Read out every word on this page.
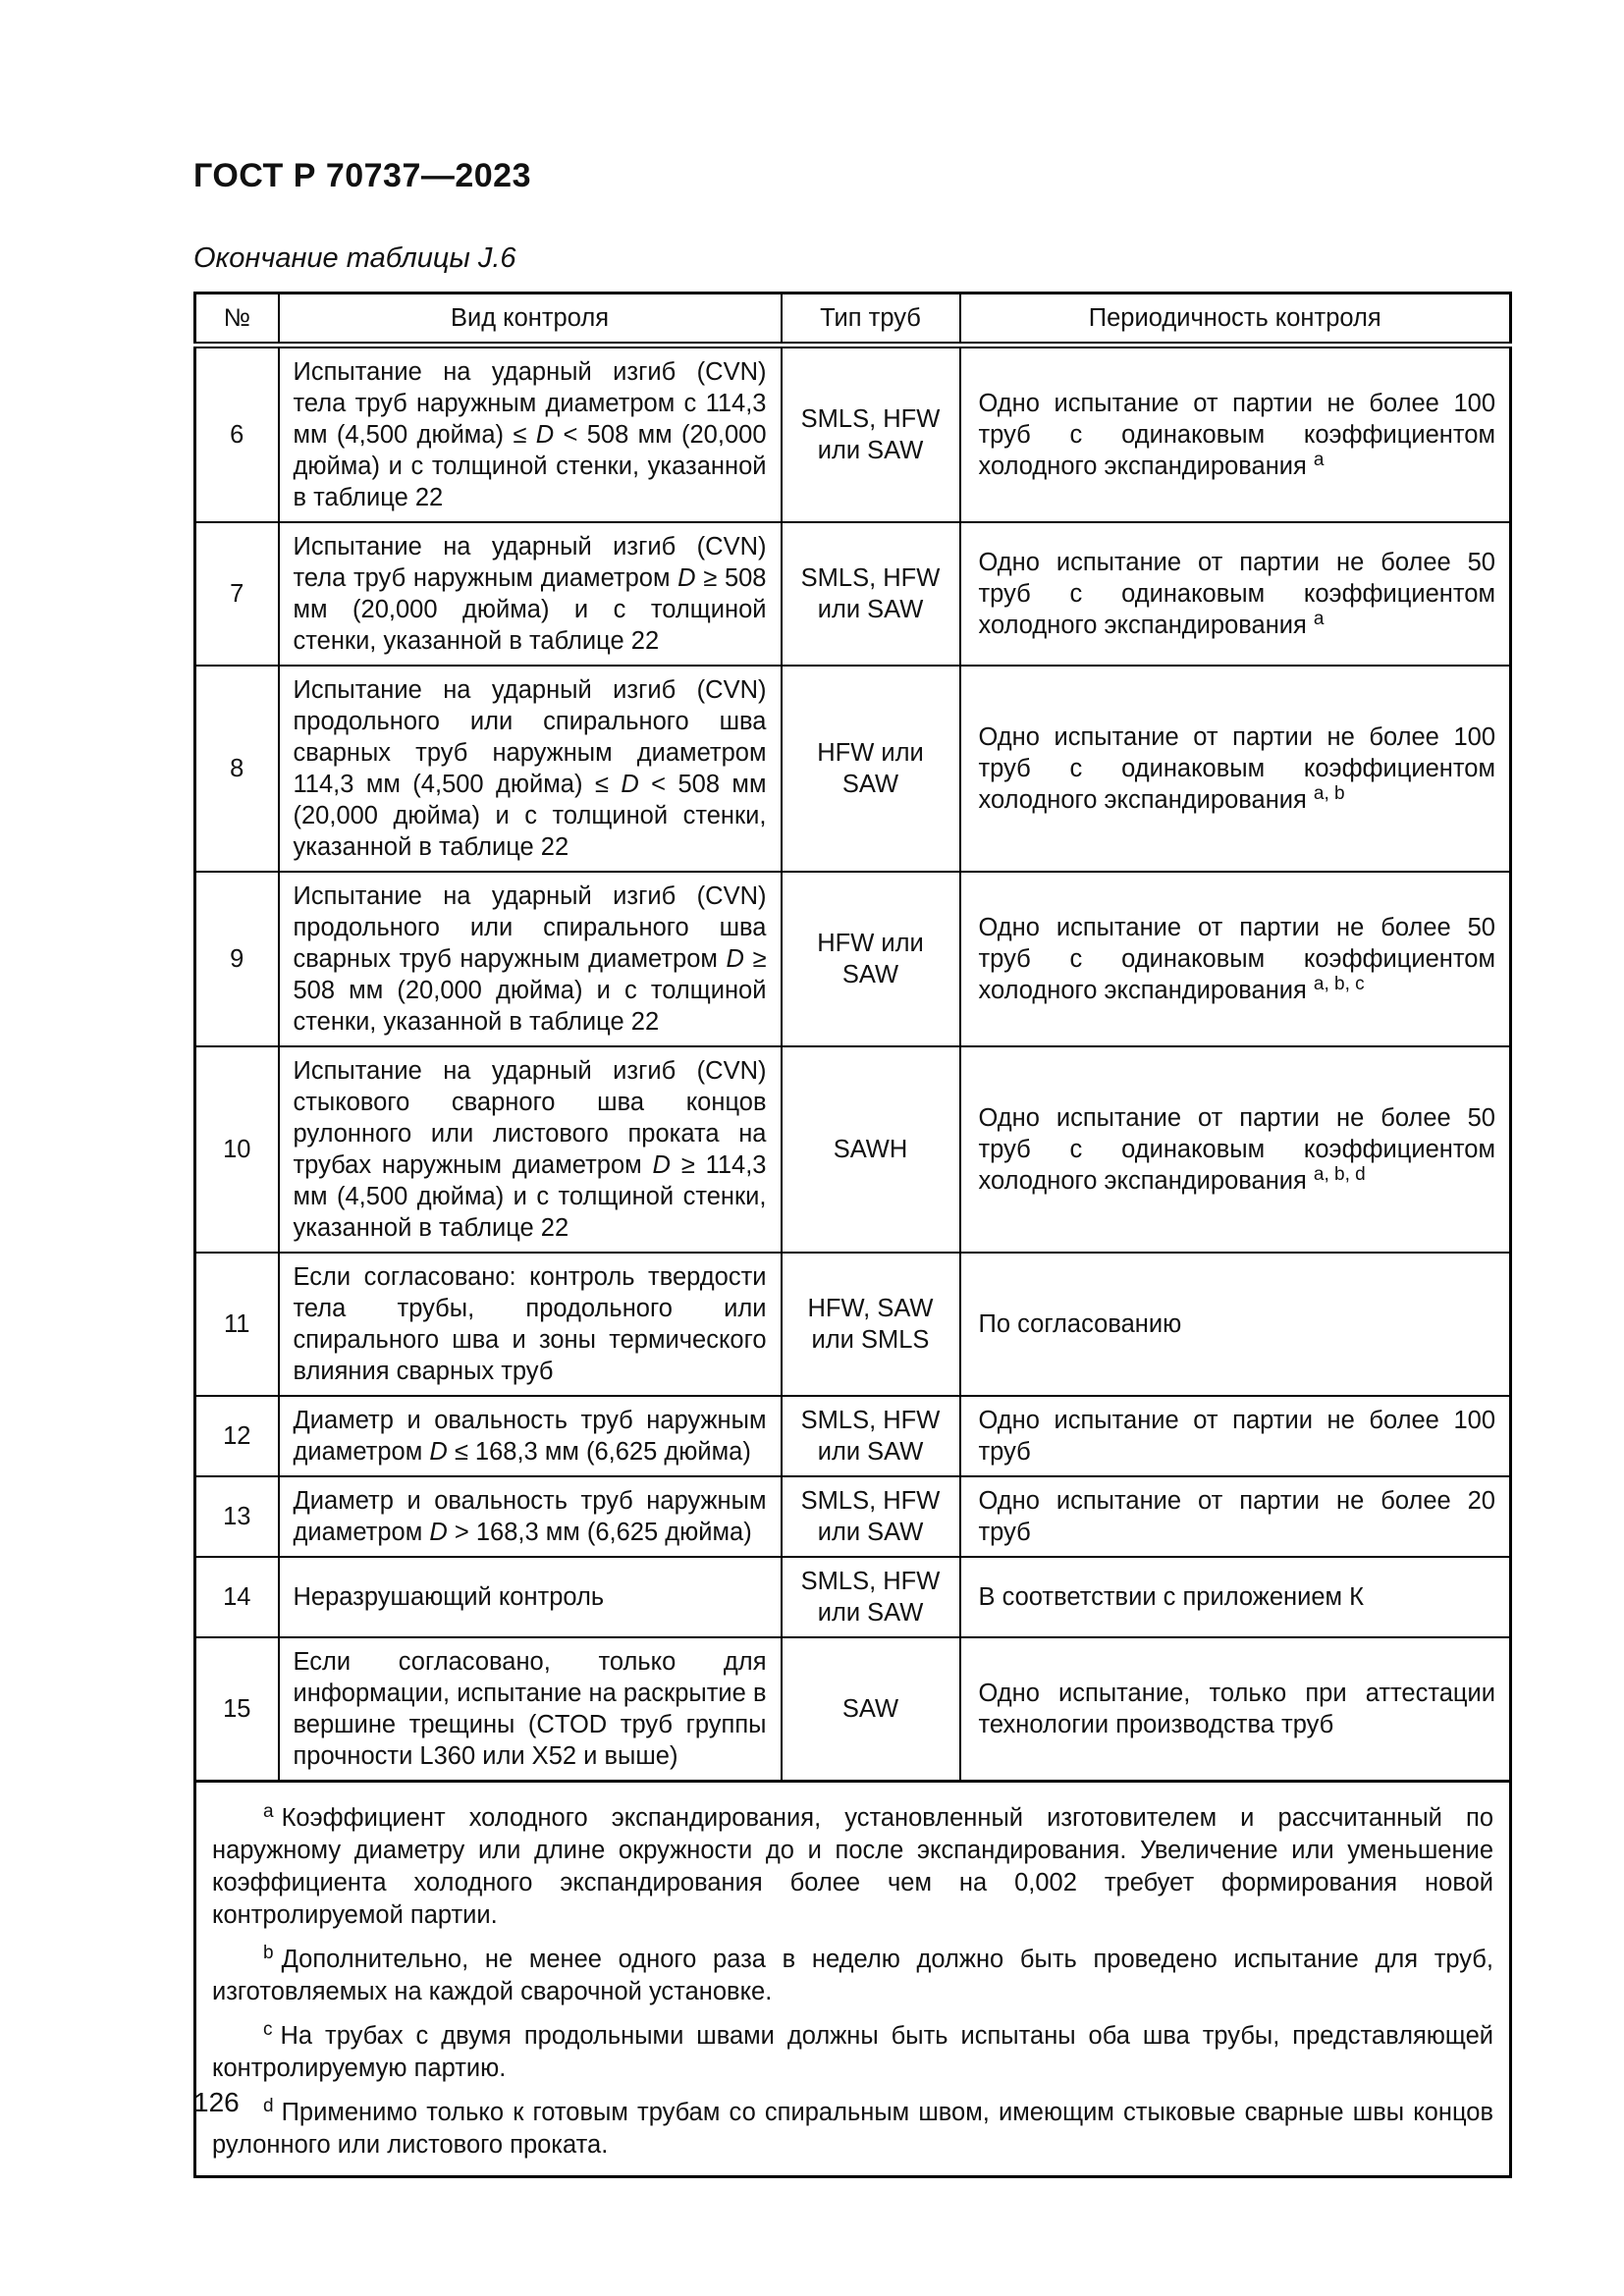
ГОСТ Р 70737—2023
Окончание таблицы J.6
№	Вид контроля	Тип труб	Периодичность контроля
6	Испытание на ударный изгиб (CVN) тела труб наружным диаметром с 114,3 мм (4,500 дюйма) ≤ D < 508 мм (20,000 дюйма) и с толщиной стенки, указанной в таблице 22	SMLS, HFW или SAW	Одно испытание от партии не более 100 труб с одинаковым коэффициентом холодного экспандирования $^a$
7	Испытание на ударный изгиб (CVN) тела труб наружным диаметром D ≥ 508 мм (20,000 дюйма) и с толщиной стенки, указанной в таблице 22	SMLS, HFW или SAW	Одно испытание от партии не более 50 труб с одинаковым коэффициентом холодного экспандирования $^a$
8	Испытание на ударный изгиб (CVN) продольного или спирального шва сварных труб наружным диаметром 114,3 мм (4,500 дюйма) ≤ D < 508 мм (20,000 дюйма) и с толщиной стенки, указанной в таблице 22	HFW или SAW	Одно испытание от партии не более 100 труб с одинаковым коэффициентом холодного экспандирования $^{a, b}$
9	Испытание на ударный изгиб (CVN) продольного или спирального шва сварных труб наружным диаметром D ≥ 508 мм (20,000 дюйма) и с толщиной стенки, указанной в таблице 22	HFW или SAW	Одно испытание от партии не более 50 труб с одинаковым коэффициентом холодного экспандирования $^{a, b, c}$
10	Испытание на ударный изгиб (CVN) стыкового сварного шва концов рулонного или листового проката на трубах наружным диаметром D ≥ 114,3 мм (4,500 дюйма) и с толщиной стенки, указанной в таблице 22	SAWH	Одно испытание от партии не более 50 труб с одинаковым коэффициентом холодного экспандирования $^{a, b, d}$
11	Если согласовано: контроль твердости тела трубы, продольного или спирального шва и зоны термического влияния сварных труб	HFW, SAW или SMLS	По согласованию
12	Диаметр и овальность труб наружным диаметром D ≤ 168,3 мм (6,625 дюйма)	SMLS, HFW или SAW	Одно испытание от партии не более 100 труб
13	Диаметр и овальность труб наружным диаметром D > 168,3 мм (6,625 дюйма)	SMLS, HFW или SAW	Одно испытание от партии не более 20 труб
14	Неразрушающий контроль	SMLS, HFW или SAW	В соответствии с приложением К
15	Если согласовано, только для информации, испытание на раскрытие в вершине трещины (CTOD труб группы прочности L360 или X52 и выше)	SAW	Одно испытание, только при аттестации технологии производства труб

$^a$ Коэффициент холодного экспандирования, установленный изготовителем и рассчитанный по наружному диаметру или длине окружности до и после экспандирования. Увеличение или уменьшение коэффициента холодного экспандирования более чем на 0,002 требует формирования новой контролируемой партии.

$^b$ Дополнительно, не менее одного раза в неделю должно быть проведено испытание для труб, изготовляемых на каждой сварочной установке.

$^c$ На трубах с двумя продольными швами должны быть испытаны оба шва трубы, представляющей контролируемую партию.

$^d$ Применимо только к готовым трубам со спиральным швом, имеющим стыковые сварные швы концов рулонного или листового проката.			

126
